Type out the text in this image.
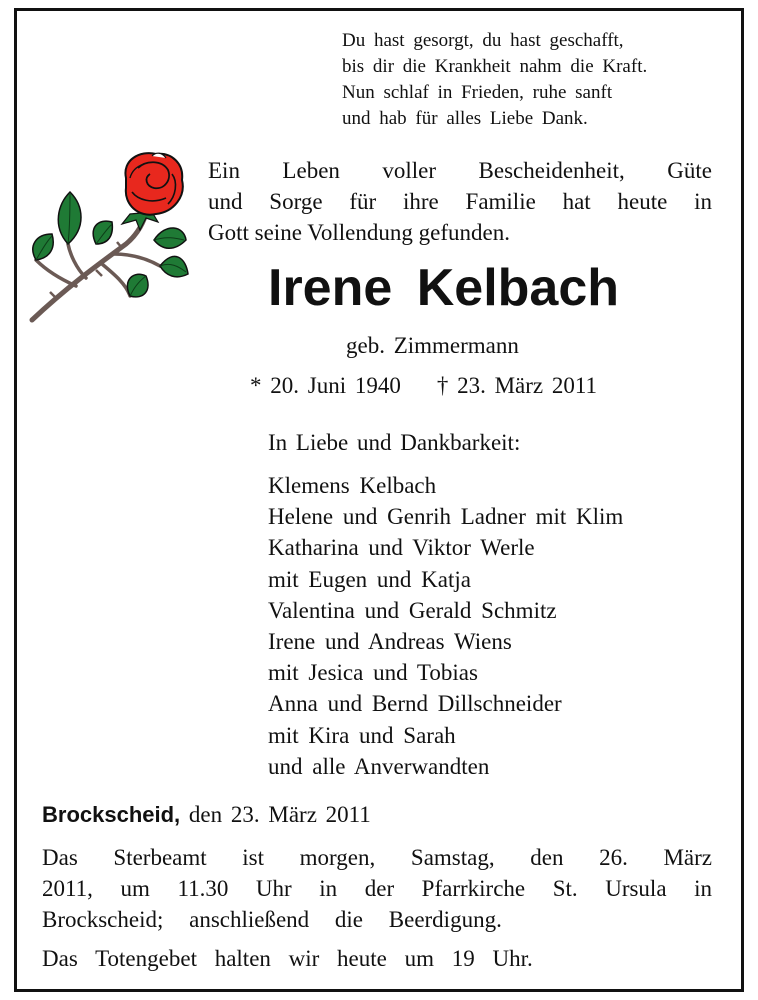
Du hast gesorgt, du hast geschafft,
bis dir die Krankheit nahm die Kraft.
Nun schlaf in Frieden, ruhe sanft
und hab für alles Liebe Dank.
Ein Leben voller Bescheidenheit, Güte
und Sorge für ihre Familie hat heute in
Gott seine Vollendung gefunden.
Irene Kelbach
geb. Zimmermann
* 20. Juni 1940 † 23. März 2011
In Liebe und Dankbarkeit:
Klemens Kelbach
Helene und Genrih Ladner mit Klim
Katharina und Viktor Werle
mit Eugen und Katja
Valentina und Gerald Schmitz
Irene und Andreas Wiens
mit Jesica und Tobias
Anna und Bernd Dillschneider
mit Kira und Sarah
und alle Anverwandten
Brockscheid, den 23. März 2011
Das Sterbeamt ist morgen, Samstag, den 26. März
2011, um 11.30 Uhr in der Pfarrkirche St. Ursula in
Brockscheid; anschließend die Beerdigung.
Das Totengebet halten wir heute um 19 Uhr.
